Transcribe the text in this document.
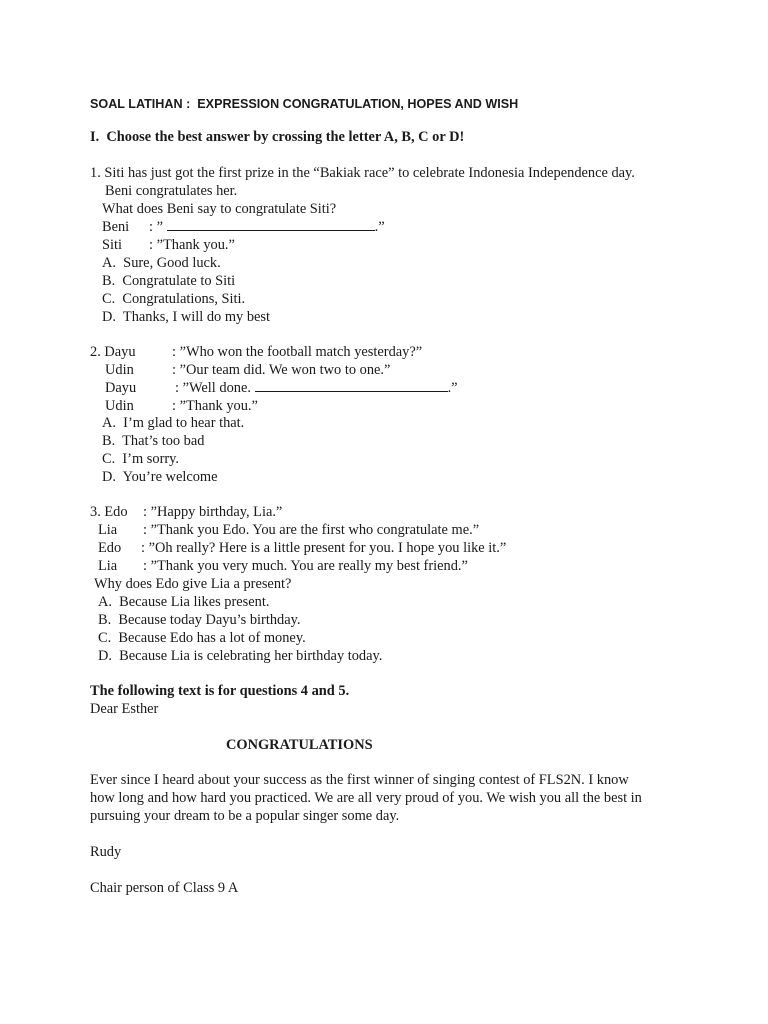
SOAL LATIHAN :  EXPRESSION CONGRATULATION, HOPES AND WISH
I.  Choose the best answer by crossing the letter A, B, C or D!
1. Siti has just got the first prize in the “Bakiak race” to celebrate Indonesia Independence day.
Beni congratulates her.
What does Beni say to congratulate Siti?
Beni : ”	.”
Siti : ”Thank you.”
A.  Sure, Good luck.
B.  Congratulate to Siti
C.  Congratulations, Siti.
D.  Thanks, I will do my best
2. Dayu	: ”Who won the football match yesterday?”
Udin	: ”Our team did. We won two to one.”
Dayu	: ”Well done.	.”
Udin	: ”Thank you.”
A.  I’m glad to hear that.
B.  That’s too bad
C.  I’m sorry.
D.  You’re welcome
3. Edo : ”Happy birthday, Lia.”
Lia : ”Thank you Edo. You are the first who congratulate me.”
Edo : ”Oh really? Here is a little present for you. I hope you like it.”
Lia : ”Thank you very much. You are really my best friend.”
Why does Edo give Lia a present?
A.  Because Lia likes present.
B.  Because today Dayu’s birthday.
C.  Because Edo has a lot of money.
D.  Because Lia is celebrating her birthday today.
The following text is for questions 4 and 5.
Dear Esther
CONGRATULATIONS
Ever since I heard about your success as the first winner of singing contest of FLS2N. I know
how long and how hard you practiced. We are all very proud of you. We wish you all the best in
pursuing your dream to be a popular singer some day.
Rudy
Chair person of Class 9 A
